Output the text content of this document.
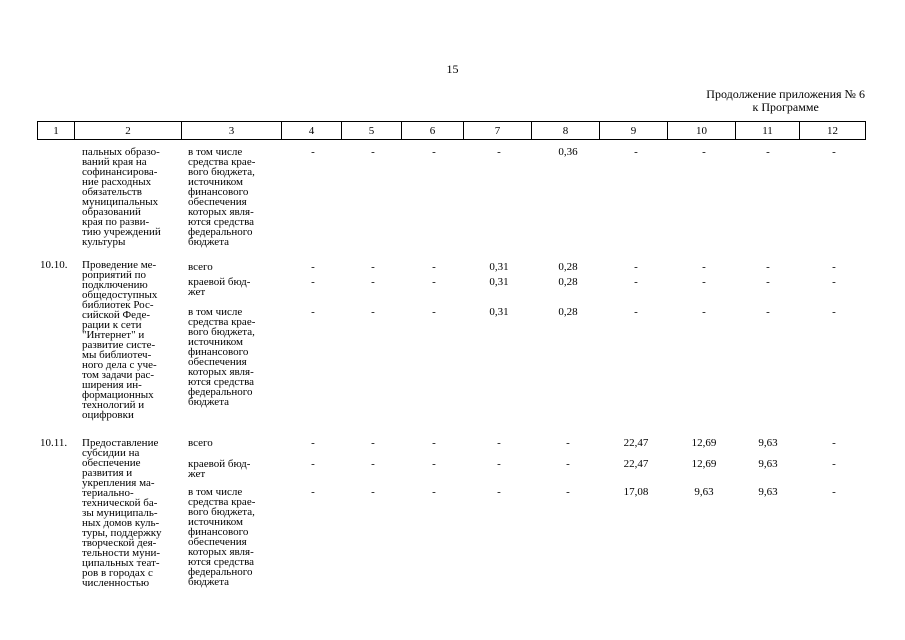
15
Продолжение приложения № 6
к Программе
1	2	3	4	5	6	7	8	9	10	11	12
пальных образо-
ваний края на
софинансирова-
ние расходных
обязательств
муниципальных
образований
края по разви-
тию учреждений
культуры
в том числе
средства крае-
вого бюджета,
источником
финансового
обеспечения
которых явля-
ются средства
федерального
бюджета
-	-	-	-	0,36	-	-	-	-
10.10. Проведение ме-
роприятий по
подключению
общедоступных
библиотек Рос-
сийской Феде-
рации к сети
"Интернет" и
развитие систе-
мы библиотеч-
ного дела с уче-
том задачи рас-
ширения ин-
формационных
технологий и
оцифровки
всего	-	-	-	0,31	0,28	-	-	-	-
краевой бюд-
жет
-	-	-	0,31	0,28	-	-	-	-
в том числе
средства крае-
вого бюджета,
источником
финансового
обеспечения
которых явля-
ются средства
федерального
бюджета
-	-	-	0,31	0,28	-	-	-	-
10.11. Предоставление
субсидии на
обеспечение
развития и
укрепления ма-
териально-
технической ба-
зы муниципаль-
ных домов куль-
туры, поддержку
творческой дея-
тельности муни-
ципальных теат-
ров в городах с
численностью
всего	-	-	-	-	-	22,47	12,69	9,63	-
краевой бюд-
жет
-	-	-	-	-	22,47	12,69	9,63	-
в том числе
средства крае-
вого бюджета,
источником
финансового
обеспечения
которых явля-
ются средства
федерального
бюджета
-	-	-	-	-	17,08	9,63	9,63	-
